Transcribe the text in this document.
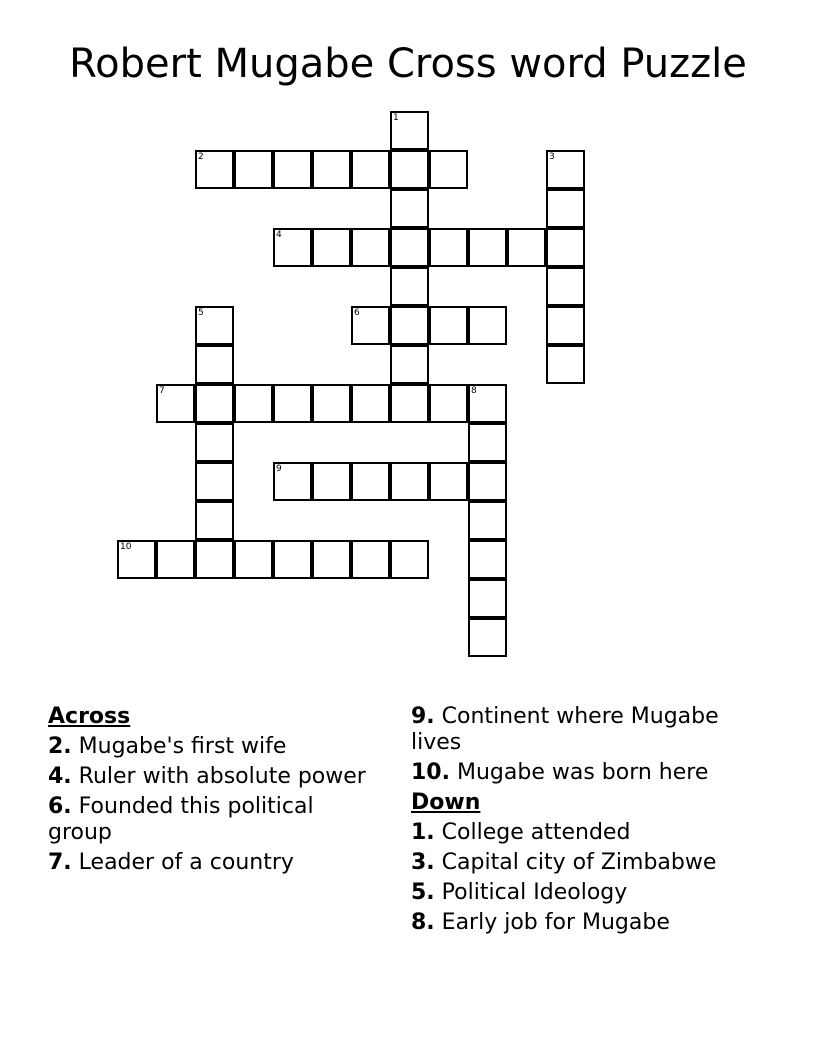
Robert Mugabe Cross word Puzzle
1
2	3
4
5	6
7	8
9
10
Across
2. Mugabe's first wife
4. Ruler with absolute power
6. Founded this political group
7. Leader of a country
9. Continent where Mugabe lives
10. Mugabe was born here
Down
1. College attended
3. Capital city of Zimbabwe
5. Political Ideology
8. Early job for Mugabe
